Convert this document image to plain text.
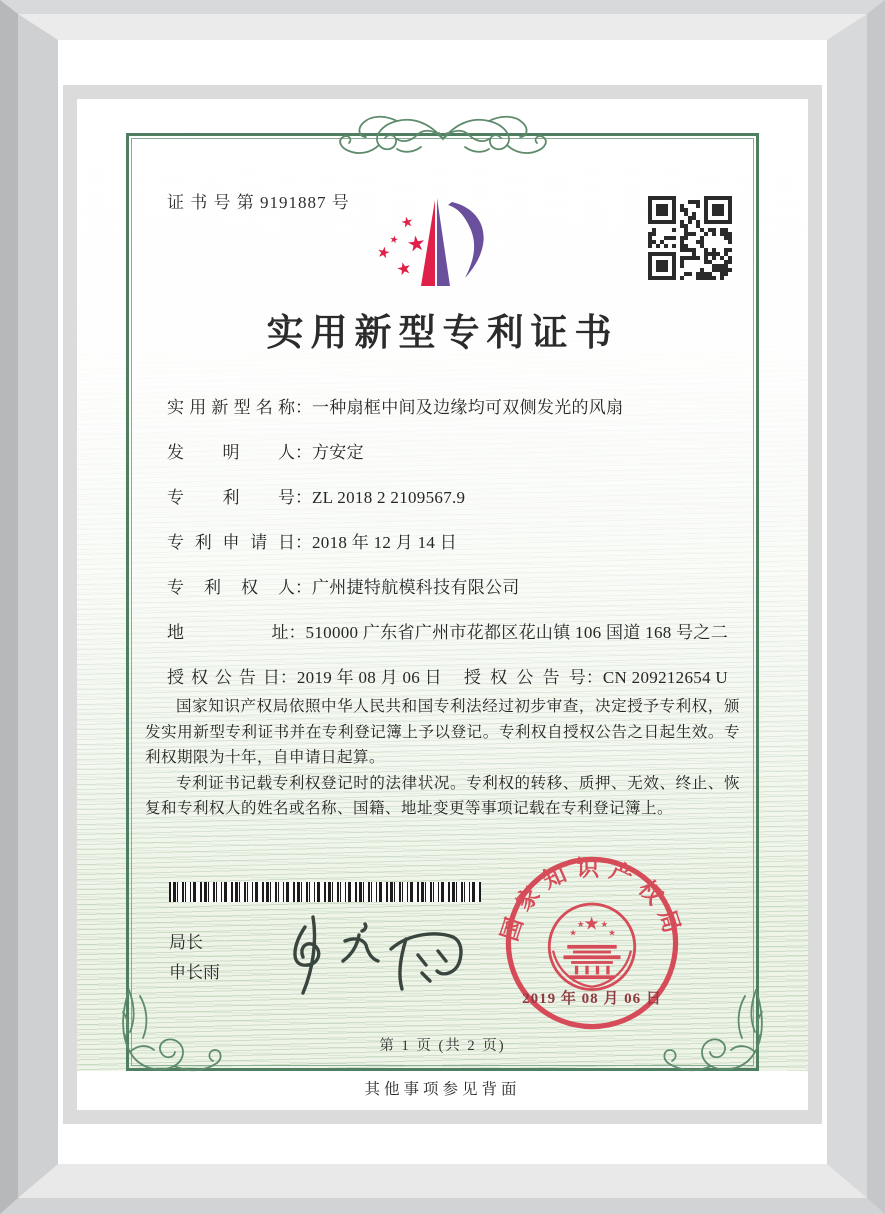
证 书 号 第 9191887 号
★
★ ★
★
★
实用新型专利证书
实用新型名称 ： 一种扇框中间及边缘均可双侧发光的风扇
发明人 ： 方安定
专利号 ： ZL 2018 2 2109567.9
专利申请日 ： 2018 年 12 月 14 日
专利权人 ： 广州捷特航模科技有限公司
地址 ： 510000 广东省广州市花都区花山镇 106 国道 168 号之二
授权公告日 ： 2019 年 08 月 06 日 授权公告号 ： CN 209212654 U

国家知识产权局依照中华人民共和国专利法经过初步审查，决定授予专利权，颁发实用新型专利证书并在专利登记簿上予以登记。专利权自授权公告之日起生效。专利权期限为十年，自申请日起算。

专利证书记载专利权登记时的法律状况。专利权的转移、质押、无效、终止、恢复和专利权人的姓名或名称、国籍、地址变更等事项记载在专利登记簿上。

局长
申长雨
国家知识产权局
★
★
★ ★
★
2019 年 08 月 06 日
第 1 页 (共 2 页)
其他事项参见背面
